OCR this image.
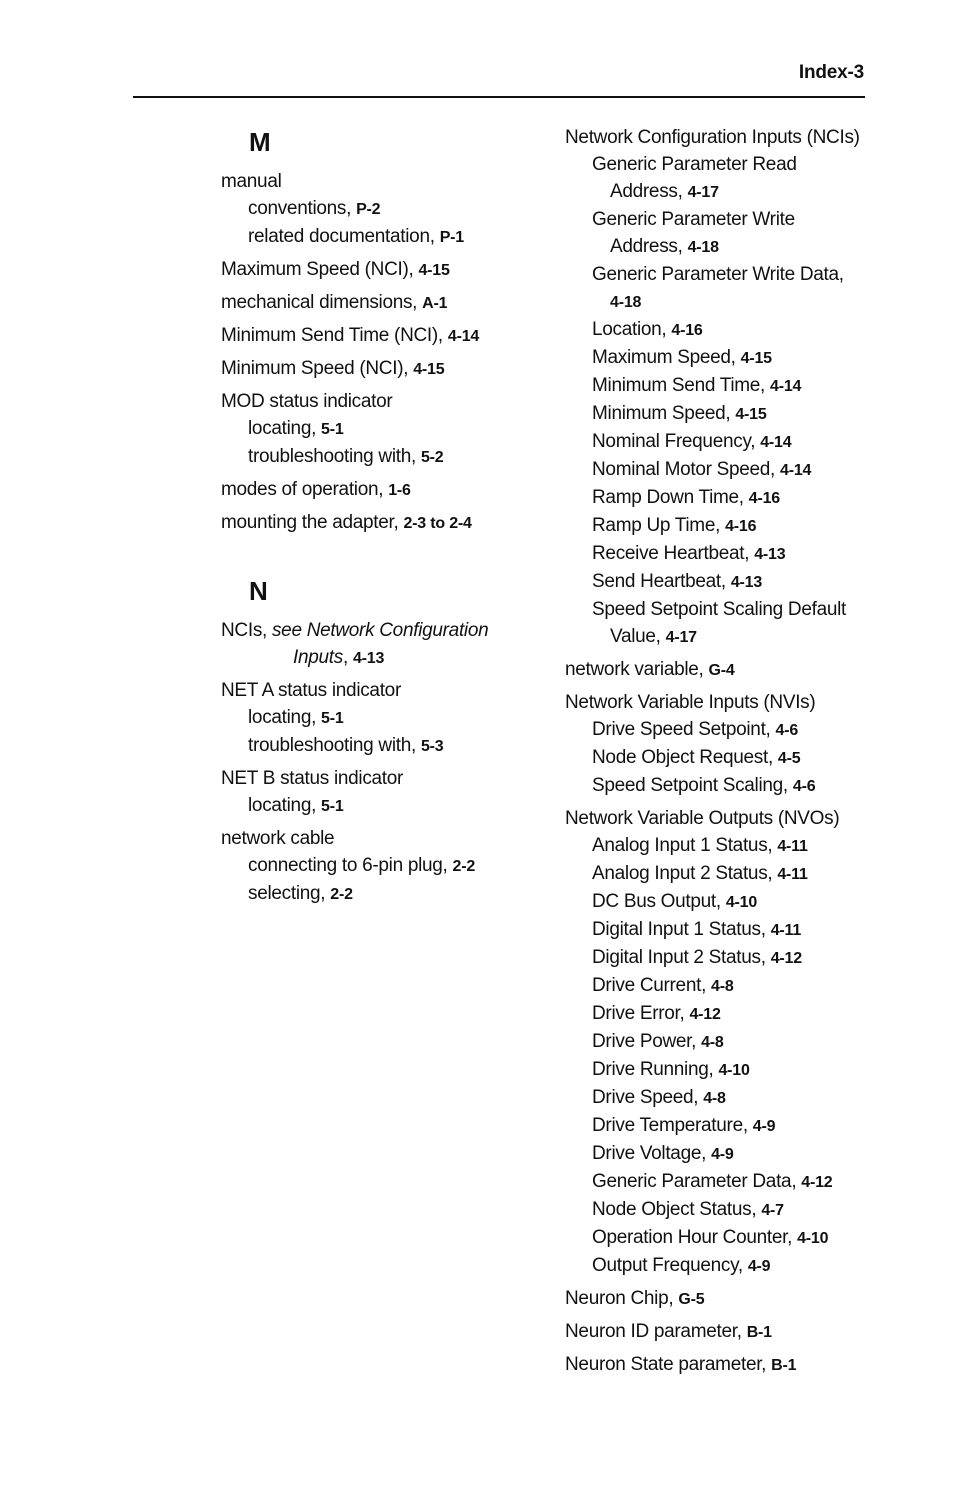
Index-3
M
manual
conventions, P-2
related documentation, P-1
Maximum Speed (NCI), 4-15
mechanical dimensions, A-1
Minimum Send Time (NCI), 4-14
Minimum Speed (NCI), 4-15
MOD status indicator
locating, 5-1
troubleshooting with, 5-2
modes of operation, 1-6
mounting the adapter, 2-3 to 2-4
N
NCIs, see Network Configuration
Inputs, 4-13
NET A status indicator
locating, 5-1
troubleshooting with, 5-3
NET B status indicator
locating, 5-1
network cable
connecting to 6-pin plug, 2-2
selecting, 2-2
Network Configuration Inputs (NCIs)
Generic Parameter Read
Address, 4-17
Generic Parameter Write
Address, 4-18
Generic Parameter Write Data,
4-18
Location, 4-16
Maximum Speed, 4-15
Minimum Send Time, 4-14
Minimum Speed, 4-15
Nominal Frequency, 4-14
Nominal Motor Speed, 4-14
Ramp Down Time, 4-16
Ramp Up Time, 4-16
Receive Heartbeat, 4-13
Send Heartbeat, 4-13
Speed Setpoint Scaling Default
Value, 4-17
network variable, G-4
Network Variable Inputs (NVIs)
Drive Speed Setpoint, 4-6
Node Object Request, 4-5
Speed Setpoint Scaling, 4-6
Network Variable Outputs (NVOs)
Analog Input 1 Status, 4-11
Analog Input 2 Status, 4-11
DC Bus Output, 4-10
Digital Input 1 Status, 4-11
Digital Input 2 Status, 4-12
Drive Current, 4-8
Drive Error, 4-12
Drive Power, 4-8
Drive Running, 4-10
Drive Speed, 4-8
Drive Temperature, 4-9
Drive Voltage, 4-9
Generic Parameter Data, 4-12
Node Object Status, 4-7
Operation Hour Counter, 4-10
Output Frequency, 4-9
Neuron Chip, G-5
Neuron ID parameter, B-1
Neuron State parameter, B-1
